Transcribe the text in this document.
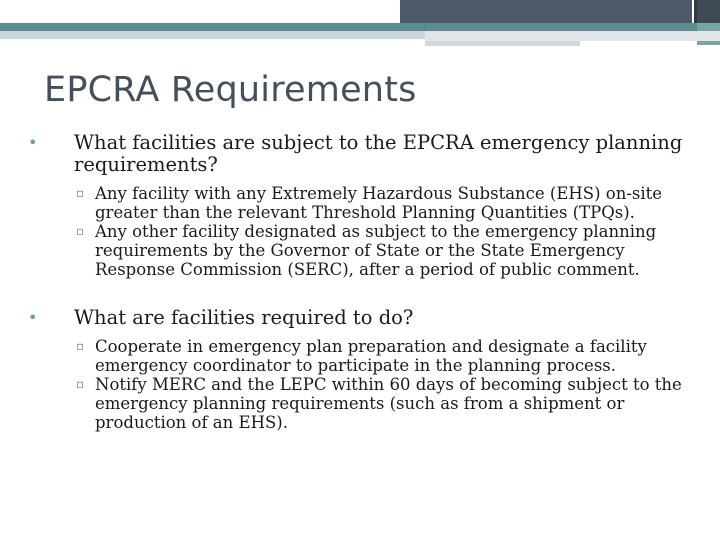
EPCRA Requirements
•	What facilities are subject to the EPCRA emergency planning requirements?
▫ Any facility with any Extremely Hazardous Substance (EHS) on-site greater than the relevant Threshold Planning Quantities (TPQs).
▫ Any other facility designated as subject to the emergency planning requirements by the Governor of State or the State Emergency Response Commission (SERC), after a period of public comment.
•	What are facilities required to do?
▫ Cooperate in emergency plan preparation and designate a facility emergency coordinator to participate in the planning process.
▫ Notify MERC and the LEPC within 60 days of becoming subject to the emergency planning requirements (such as from a shipment or production of an EHS).
